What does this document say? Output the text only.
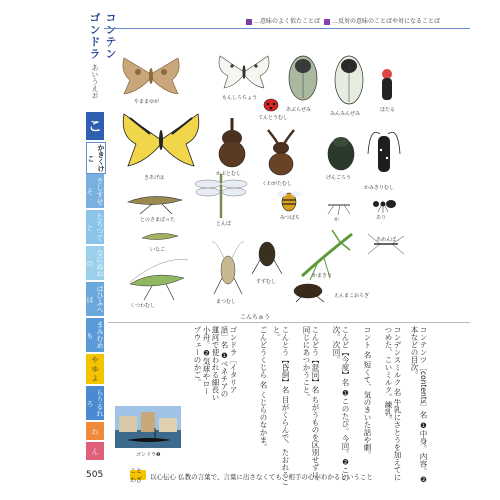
コンテン
ゴンドラ	…意味のよく似たことば …反対の意味のことばや対になることば
あいうえお
こ
かきくけこ
さしすせそ
たちつてと
なにぬねの
はひふへほ
まみむめも
や ゆ よ
らりるれろ
わ
ん
やままゆが
もんしろちょう
あぶらぜみ
みんみんぜみ
ほたる
てんとうむし
きあげは
かぶとむし
くわがたむし
げんごろう
かみきりむし
とのさまばった
とんぼ
みつばち	か	あり
いなご
かまきり
くつわむし
まつむし
すずむし
えんまこおろぎ
あめんぼ
こんちゅう
コンテンツ〔contents〕名 ❶中身。内容。❷本などの目次。
コンデンスミルク 名 牛乳にさとうを加えてにつめた、こいミルク。練乳。
コント 名 短くて、気のきいた話や劇。
こんど【今度】名 ❶このたび。今回。❷この次。次回。
こんどう【混同】名 ちがうものを区別せずに、同じにあつかうこと。
こんとう【昏倒】名 目がくらんで、たおれること。
ごんどうくじら 名 くじらのなかま。
ゴンドラ〔イタリア語〕名 ❶ベネチアの運河で使われる細長い小舟。❷気球やロープウェーのかご。
ゴンドラ❶
505	ことわざ	以心伝心 仏教の言葉で、言葉に出さなくても、相手の心がわかるということ
